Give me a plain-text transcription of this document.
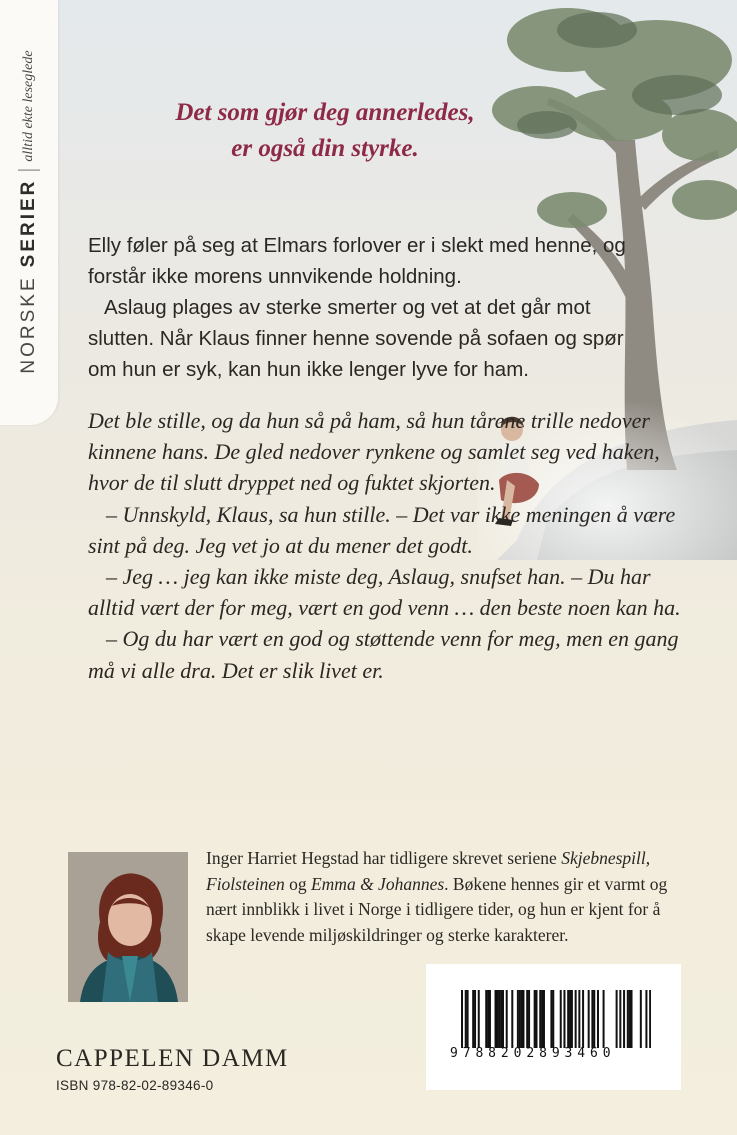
NORSKE
SERIER
alltid ekte leseglede	Det som gjør deg annerledes,
er også din styrke.

Elly føler på seg at Elmars forlover er i slekt med henne, og forstår ikke morens unnvikende holdning.

Aslaug plages av sterke smerter og vet at det går mot slutten. Når Klaus finner henne sovende på sofaen og spør om hun er syk, kan hun ikke lenger lyve for ham.

Det ble stille, og da hun så på ham, så hun tårene trille nedover kinnene hans. De gled nedover rynkene og samlet seg ved haken, hvor de til slutt dryppet ned og fuktet skjorten.

– Unnskyld, Klaus, sa hun stille. – Det var ikke meningen å være sint på deg. Jeg vet jo at du mener det godt.

– Jeg … jeg kan ikke miste deg, Aslaug, snufset han. – Du har alltid vært der for meg, vært en god venn … den beste noen kan ha.

– Og du har vært en god og støttende venn for meg, men en gang må vi alle dra. Det er slik livet er.

Inger Harriet Hegstad har tidligere skrevet seriene Skjebnespill, Fiolsteinen og Emma & Johannes. Bøkene hennes gir et varmt og nært innblikk i livet i Norge i tidligere tider, og hun er kjent for å skape levende miljøskildringer og sterke karakterer.
CAPPELEN DAMM
ISBN 978-82-02-89346-0
9788202893460
